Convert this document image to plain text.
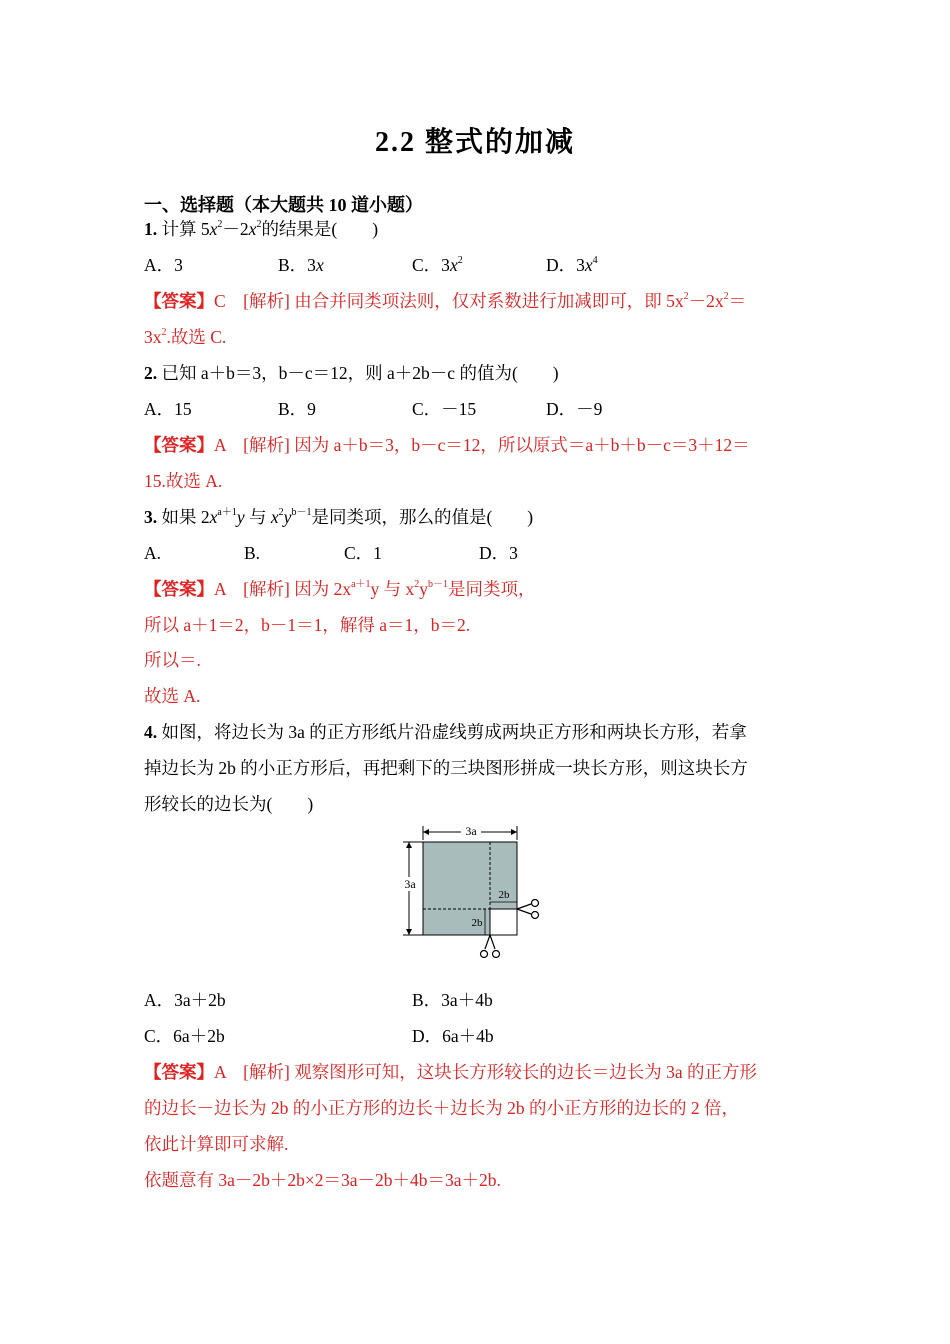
2.2 整式的加减
一、选择题（本大题共 10 道小题）
1. 计算 $5x^2-2x^2$的结果是(　　)
A．3	B．3x	C．$3x^2$	D．$3x^4$
【答案】C　[解析] 由合并同类项法则，仅对系数进行加减即可，即 $5x^2-2x^2=$
$3x^2$.故选 C.
2. 已知 a＋b＝3，b－c＝12，则 a＋2b－c 的值为(　　)
A．15	B．9	C．－15	D．－9
【答案】A　[解析] 因为 a＋b＝3，b－c＝12，所以原式＝a＋b＋b－c＝3＋12＝
15.故选 A.
3. 如果 $2x^{a+1}y$ 与 $x^2y^{b-1}$是同类项，那么的值是(　　)
A.	B.	C．1	D．3
【答案】A　[解析] 因为 $2x^{a+1}y$ 与 $x^2y^{b-1}$是同类项，
所以 a＋1＝2，b－1＝1，解得 a＝1，b＝2.
所以＝.
故选 A.
4. 如图，将边长为 3a 的正方形纸片沿虚线剪成两块正方形和两块长方形，若拿
掉边长为 2b 的小正方形后，再把剩下的三块图形拼成一块长方形，则这块长方
形较长的边长为(　　)
3a
3a
2b
2b
A．3a＋2b	B．3a＋4b
C．6a＋2b	D．6a＋4b
【答案】A　[解析] 观察图形可知，这块长方形较长的边长＝边长为 3a 的正方形
的边长－边长为 2b 的小正方形的边长＋边长为 2b 的小正方形的边长的 2 倍，
依此计算即可求解.
依题意有 3a－2b＋2b×2＝3a－2b＋4b＝3a＋2b.
